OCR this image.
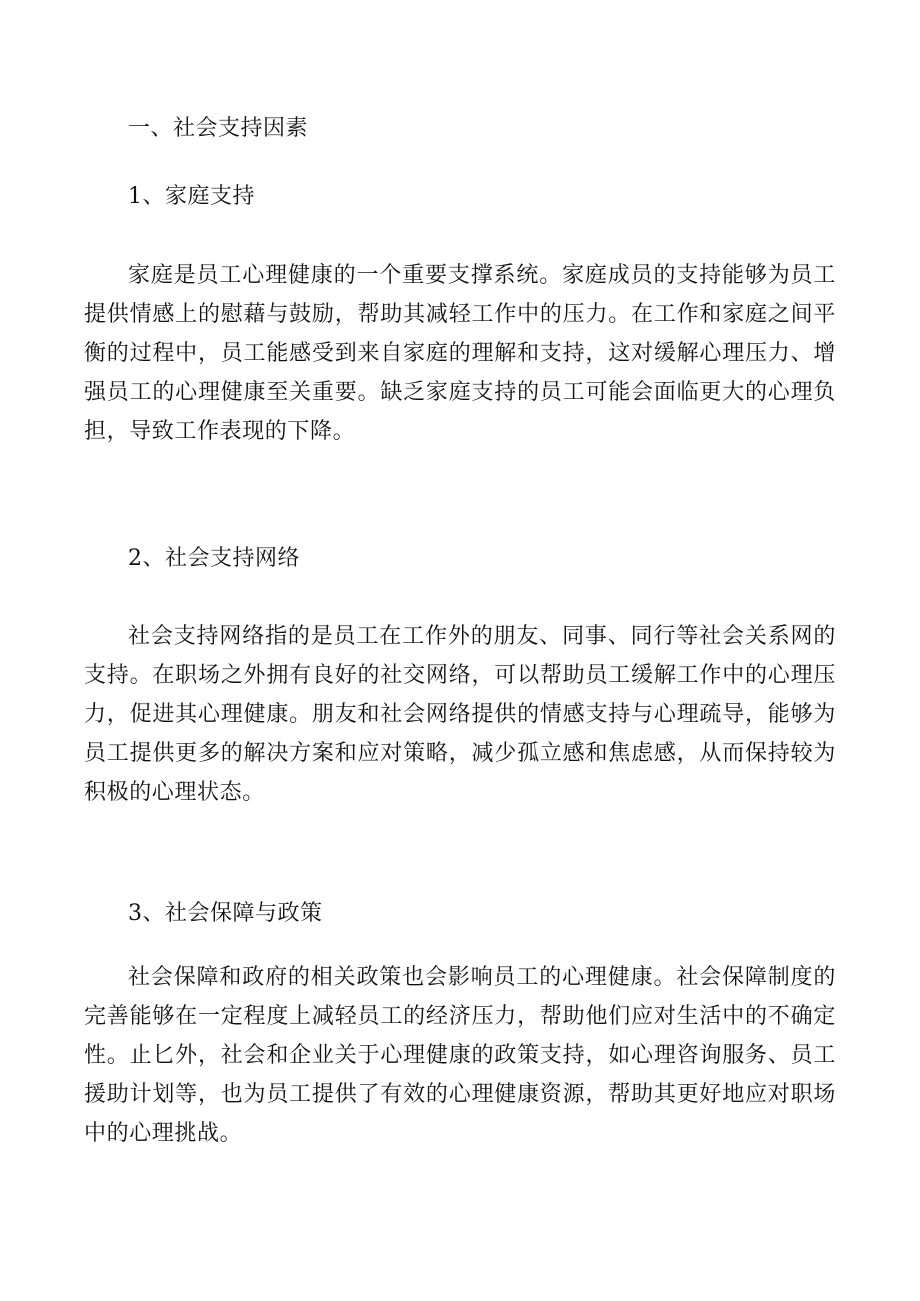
一、社会支持因素
1、家庭支持

家庭是员工心理健康的一个重要支撑系统。家庭成员的支持能够为员工提供情感上的慰藉与鼓励，帮助其减轻工作中的压力。在工作和家庭之间平衡的过程中，员工能感受到来自家庭的理解和支持，这对缓解心理压力、增强员工的心理健康至关重要。缺乏家庭支持的员工可能会面临更大的心理负担，导致工作表现的下降。

2、社会支持网络

社会支持网络指的是员工在工作外的朋友、同事、同行等社会关系网的支持。在职场之外拥有良好的社交网络，可以帮助员工缓解工作中的心理压力，促进其心理健康。朋友和社会网络提供的情感支持与心理疏导，能够为员工提供更多的解决方案和应对策略，减少孤立感和焦虑感，从而保持较为积极的心理状态。

3、社会保障与政策

社会保障和政府的相关政策也会影响员工的心理健康。社会保障制度的完善能够在一定程度上减轻员工的经济压力，帮助他们应对生活中的不确定性。止匕外，社会和企业关于心理健康的政策支持，如心理咨询服务、员工援助计划等，也为员工提供了有效的心理健康资源，帮助其更好地应对职场中的心理挑战。
